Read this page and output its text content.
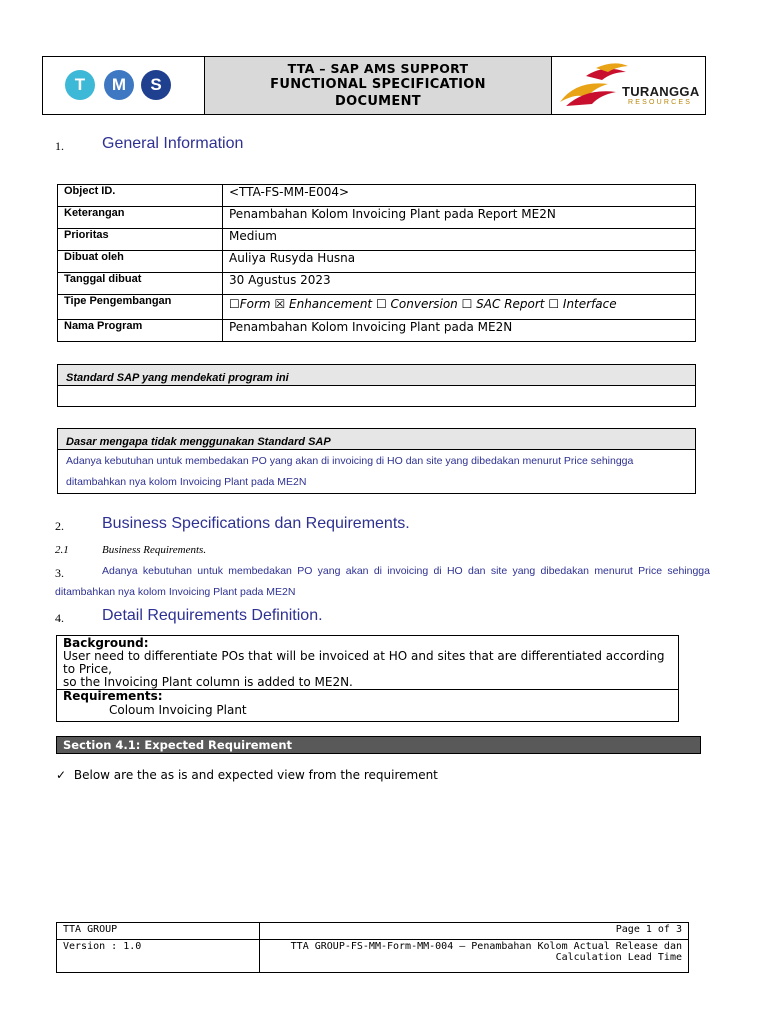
T	M	S
TTA – SAP AMS SUPPORT
FUNCTIONAL SPECIFICATION
DOCUMENT
TURANGGA
RESOURCES
1. General Information
Object ID.	<TTA-FS-MM-E004>
Keterangan	Penambahan Kolom Invoicing Plant pada Report ME2N
Prioritas	Medium
Dibuat oleh	Auliya Rusyda Husna
Tanggal dibuat	30 Agustus 2023
Tipe Pengembangan	☐Form ☒ Enhancement ☐ Conversion ☐ SAC Report ☐ Interface
Nama Program	Penambahan Kolom Invoicing Plant pada ME2N
Standard SAP yang mendekati program ini
Dasar mengapa tidak menggunakan Standard SAP
Adanya kebutuhan untuk membedakan PO yang akan di invoicing di HO dan site yang dibedakan menurut Price sehingga
ditambahkan nya kolom Invoicing Plant pada ME2N
2. Business Specifications dan Requirements.
2.1	Business Requirements.
3.	Adanya kebutuhan untuk membedakan PO yang akan di invoicing di HO dan site yang dibedakan menurut Price sehingga
ditambahkan nya kolom Invoicing Plant pada ME2N
4. Detail Requirements Definition.
Background:
User need to differentiate POs that will be invoiced at HO and sites that are differentiated according to Price,
so the Invoicing Plant column is added to ME2N.
Requirements:
Coloum Invoicing Plant
Section 4.1: Expected Requirement
✓ Below are the as is and expected view from the requirement
TTA GROUP	Page 1 of 3
Version : 1.0	TTA GROUP-FS-MM-Form-MM-004 – Penambahan Kolom Actual Release dan
Calculation Lead Time
